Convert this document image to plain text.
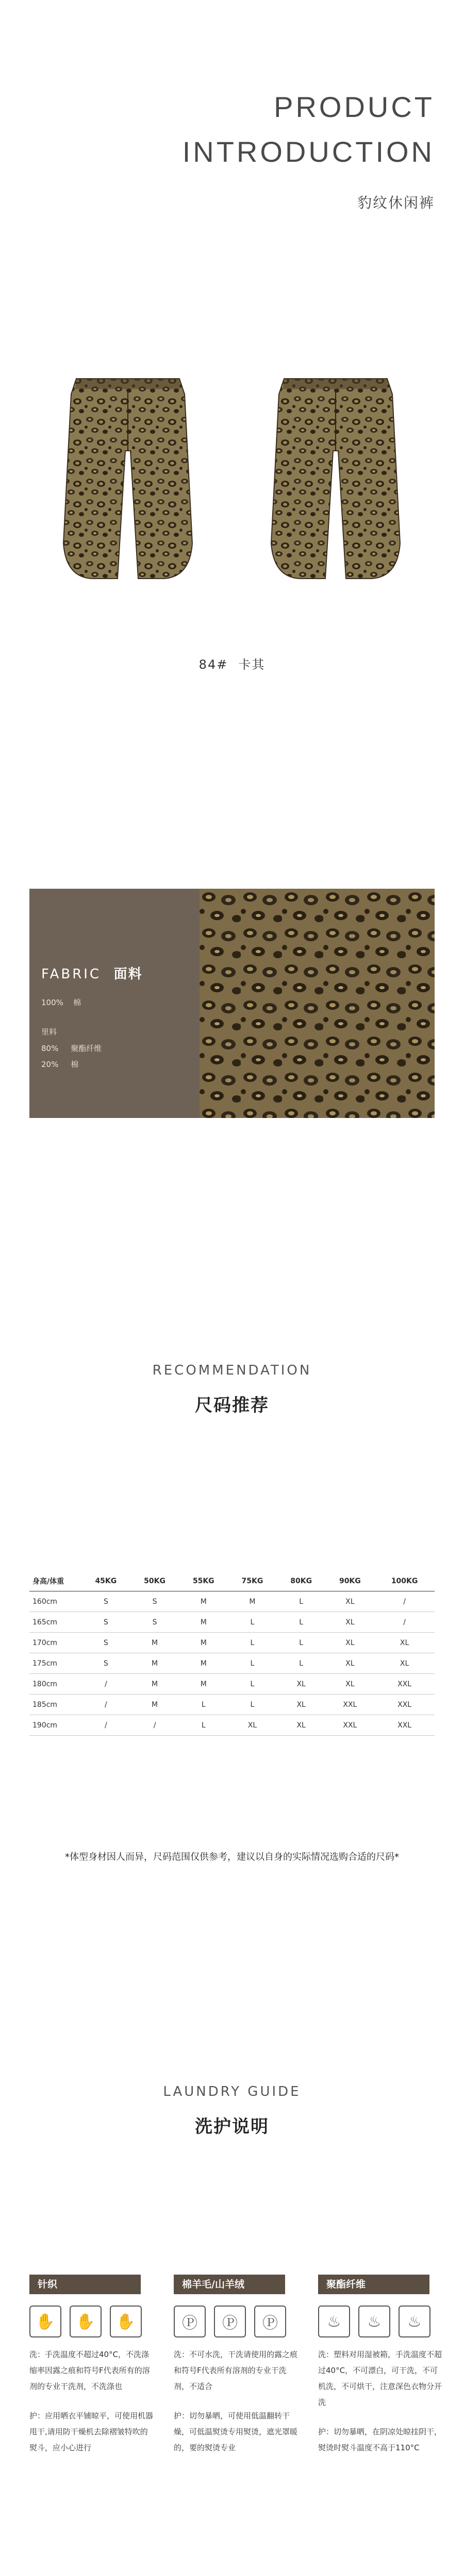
PRODUCT
INTRODUCTION
豹纹休闲裤
84# 卡其
FABRIC 面料
100% 棉
里料
80% 聚酯纤维
20% 棉
RECOMMENDATION
尺码推荐
身高/体重	45KG	50KG	55KG	75KG	80KG	90KG	100KG
160cm	S	S	M	M	L	XL	/
165cm	S	S	M	L	L	XL	/
170cm	S	M	M	L	L	XL	XL
175cm	S	M	M	L	L	XL	XL
180cm	/	M	M	L	XL	XL	XXL
185cm	/	M	L	L	XL	XXL	XXL
190cm	/	/	L	XL	XL	XXL	XXL
*体型身材因人而异，尺码范围仅供参考，建议以自身的实际情况选购合适的尺码*
LAUNDRY GUIDE
洗护说明
针织
✋	✋	✋

洗：手洗温度不超过40°C，不洗涤缩率因露之痕和符号F代表所有的溶剂的专业干洗剂，不洗涤也

护：应用晒衣平铺晾平，可使用机器甩干,请用防干燥机去除褶皱特吹的熨斗，应小心进行

棉羊毛/山羊绒
Ⓟ	Ⓟ	Ⓟ

洗：不可水洗，干洗请使用的露之痕和符号F代表所有溶剂的专业干洗剂，不适合

护：切勿暴晒，可使用低温翻转干燥，可低温熨烫专用熨烫，遮光罩暖的，要的熨烫专业

聚酯纤维
♨	♨	♨

洗：塑料对用湿被箱，手洗温度不超过40°C，不可漂白，可干洗，不可机洗，不可烘干，注意深色衣物分开洗

护：切勿暴晒，在阴凉处晾挂阴干，熨烫时熨斗温度不高于110°C
